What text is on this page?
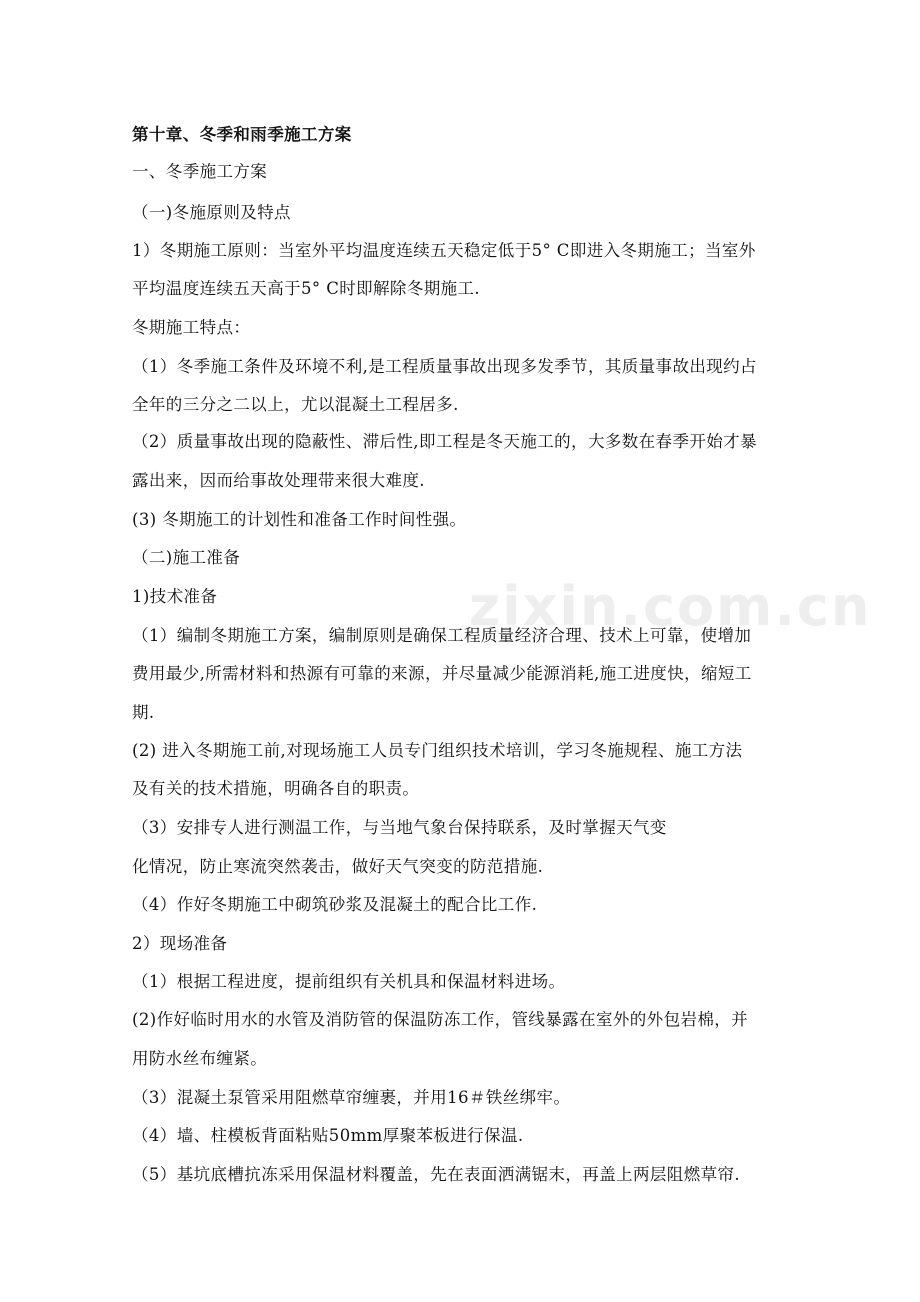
zixin.com.cn
第十章、冬季和雨季施工方案
一、冬季施工方案
（一)冬施原则及特点
1）冬期施工原则：当室外平均温度连续五天稳定低于5° C即进入冬期施工；当室外
平均温度连续五天高于5° C时即解除冬期施工.
冬期施工特点：
（1）冬季施工条件及环境不利,是工程质量事故出现多发季节，其质量事故出现约占
全年的三分之二以上，尤以混凝土工程居多.
（2）质量事故出现的隐蔽性、滞后性,即工程是冬天施工的，大多数在春季开始才暴
露出来，因而给事故处理带来很大难度.
(3) 冬期施工的计划性和准备工作时间性强。
（二)施工准备
1)技术准备
（1）编制冬期施工方案，编制原则是确保工程质量经济合理、技术上可靠，使增加
费用最少,所需材料和热源有可靠的来源，并尽量减少能源消耗,施工进度快，缩短工
期.
(2) 进入冬期施工前,对现场施工人员专门组织技术培训，学习冬施规程、施工方法
及有关的技术措施，明确各自的职责。
（3）安排专人进行测温工作，与当地气象台保持联系，及时掌握天气变
化情况，防止寒流突然袭击，做好天气突变的防范措施.
（4）作好冬期施工中砌筑砂浆及混凝土的配合比工作.
2）现场准备
（1）根据工程进度，提前组织有关机具和保温材料进场。
(2)作好临时用水的水管及消防管的保温防冻工作，管线暴露在室外的外包岩棉，并
用防水丝布缠紧。
（3）混凝土泵管采用阻燃草帘缠裹，并用16＃铁丝绑牢。
（4）墙、柱模板背面粘贴50mm厚聚苯板进行保温.
（5）基坑底槽抗冻采用保温材料覆盖，先在表面洒满锯末，再盖上两层阻燃草帘.
